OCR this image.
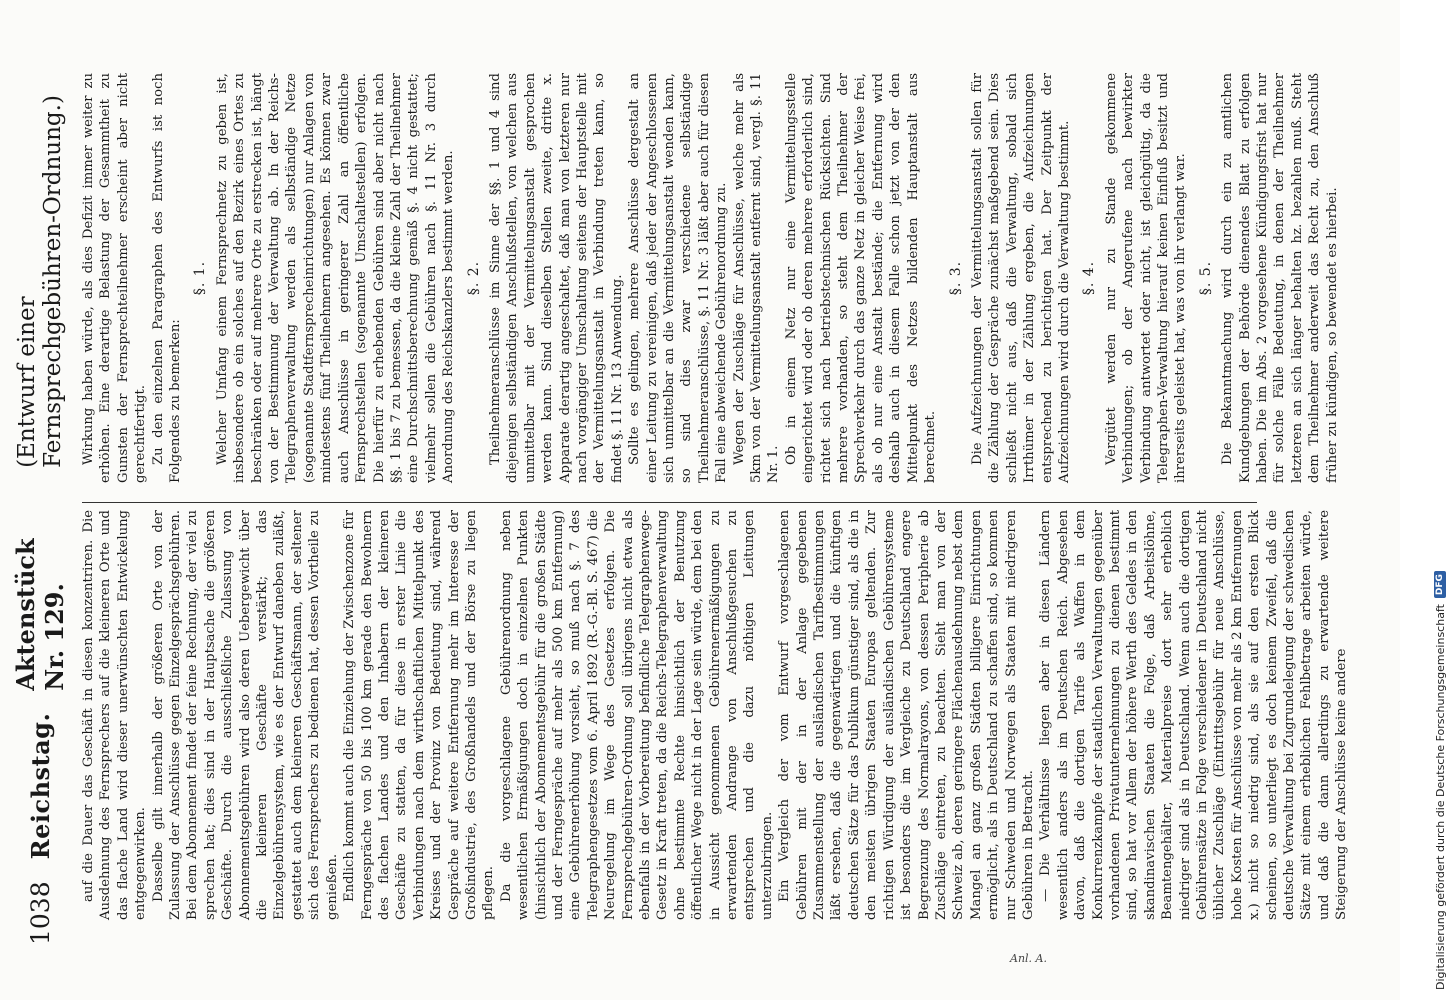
1038
Reichstag.
Aktenstück Nr. 129.
(Entwurf einer Fernsprechgebühren-Ordnung.)

auf die Dauer das Geschäft in diesen konzentriren. Die Ausdehnung des Fernsprechers auf die kleineren Orte und das flache Land wird dieser unerwünschten Entwickelung entgegenwirken. Dasselbe gilt innerhalb der größeren Orte von der Zulassung der Anschlüsse gegen Einzelgesprächsgebühren. Bei dem Abonnement findet der feine Rechnung, der viel zu sprechen hat; dies sind in der Hauptsache die größeren Geschäfte. Durch die ausschließliche Zulassung von Abonnementsgebühren wird also deren Uebergewicht über die kleineren Geschäfte verstärkt; das Einzelgebührensystem, wie es der Entwurf daneben zuläßt, gestattet auch dem kleineren Geschäftsmann, der seltener sich des Fernsprechers zu bedienen hat, dessen Vortheile zu genießen. Endlich kommt auch die Einziehung der Zwischenzone für Ferngespräche von 50 bis 100 km gerade den Bewohnern des flachen Landes und den Inhabern der kleineren Geschäfte zu statten, da für diese in erster Linie die Verbindungen nach dem wirthschaftlichen Mittelpunkt des Kreises und der Provinz von Bedeutung sind, während Gespräche auf weitere Entfernung mehr im Interesse der Großindustrie, des Großhandels und der Börse zu liegen pflegen. Da die vorgeschlagene Gebührenordnung neben wesentlichen Ermäßigungen doch in einzelnen Punkten (hinsichtlich der Abonnementsgebühr für die großen Städte und der Ferngespräche auf mehr als 500 km Entfernung) eine Gebührenerhöhung vorsieht, so muß nach §. 7 des Telegraphengesetzes vom 6. April 1892 (R.-G.-Bl. S. 467) die Neuregelung im Wege des Gesetzes erfolgen. Die Fernsprechgebühren-Ordnung soll übrigens nicht etwa als ebenfalls in der Vorbereitung befindliche Telegraphenwege-Gesetz in Kraft treten, da die Reichs-Telegraphenverwaltung ohne bestimmte Rechte hinsichtlich der Benutzung öffentlicher Wege nicht in der Lage sein würde, dem bei den in Aussicht genommenen Gebührenermäßigungen zu erwartenden Andrange von Anschlußgesuchen zu entsprechen und die dazu nöthigen Leitungen unterzubringen. Ein Vergleich der vom Entwurf vorgeschlagenen Gebühren mit der in der Anlage gegebenen Zusammenstellung der ausländischen Tarifbestimmungen läßt ersehen, daß die gegenwärtigen und die künftigen deutschen Sätze für das Publikum günstiger sind, als die in den meisten übrigen Staaten Europas geltenden. Zur richtigen Würdigung der ausländischen Gebührensysteme ist besonders die im Vergleiche zu Deutschland engere Begrenzung des Normalrayons, von dessen Peripherie ab Zuschläge eintreten, zu beachten. Sieht man von der Schweiz ab, deren geringere Flächenausdehnung nebst dem Mangel an ganz großen Städten billigere Einrichtungen ermöglicht, als in Deutschland zu schaffen sind, so kommen nur Schweden und Norwegen als Staaten mit niedrigeren Gebühren in Betracht. — Die Verhältnisse liegen aber in diesen Ländern wesentlich anders als im Deutschen Reich. Abgesehen davon, daß die dortigen Tarife als Waffen in dem Konkurrenzkampfe der staatlichen Verwaltungen gegenüber vorhandenen Privatunternehmungen zu dienen bestimmt sind, so hat vor Allem der höhere Werth des Geldes in den skandinavischen Staaten die Folge, daß Arbeitslöhne, Beamtengehälter, Materialpreise dort sehr erheblich niedriger sind als in Deutschland. Wenn auch die dortigen Gebührensätze in Folge verschiedener in Deutschland nicht üblicher Zuschläge (Eintrittsgebühr für neue Anschlüsse, hohe Kosten für Anschlüsse von mehr als 2 km Entfernungen x.) nicht so niedrig sind, als sie auf den ersten Blick scheinen, so unterliegt es doch keinem Zweifel, daß die deutsche Verwaltung bei Zugrundelegung der schwedischen Sätze mit einem erheblichen Fehlbetrage arbeiten würde, und daß die dann allerdings zu erwartende weitere Steigerung der Anschlüsse keine andere

Wirkung haben würde, als dies Defizit immer weiter zu erhöhen. Eine derartige Belastung der Gesammtheit zu Gunsten der Fernsprechteilnehmer erscheint aber nicht gerechtfertigt. Zu den einzelnen Paragraphen des Entwurfs ist noch Folgendes zu bemerken:

§. 1. Welcher Umfang einem Fernsprechnetz zu geben ist, insbesondere ob ein solches auf den Bezirk eines Ortes zu beschränken oder auf mehrere Orte zu erstrecken ist, hängt von der Bestimmung der Verwaltung ab. In der Reichs-Telegraphenverwaltung werden als selbständige Netze (sogenannte Stadtfernsprecheinrichtungen) nur Anlagen von mindestens fünf Theilnehmern angesehen. Es können zwar auch Anschlüsse in geringerer Zahl an öffentliche Fernsprechstellen (sogenannte Umschaltestellen) erfolgen. Die hierfür zu erhebenden Gebühren sind aber nicht nach §§. 1 bis 7 zu bemessen, da die kleine Zahl der Theilnehmer eine Durchschnittsberechnung gemäß §. 4 nicht gestattet; vielmehr sollen die Gebühren nach §. 11 Nr. 3 durch Anordnung des Reichskanzlers bestimmt werden. §. 2. Theilnehmeranschlüsse im Sinne der §§. 1 und 4 sind diejenigen selbständigen Anschlußstellen, von welchen aus unmittelbar mit der Vermittelungsanstalt gesprochen werden kann. Sind dieselben Stellen zweite, dritte x. Apparate derartig angeschaltet, daß man von letzteren nur nach vorgängiger Umschaltung seitens der Hauptstelle mit der Vermittelungsanstalt in Verbindung treten kann, so findet §. 11 Nr. 13 Anwendung. Sollte es gelingen, mehrere Anschlüsse dergestalt an einer Leitung zu vereinigen, daß jeder der Angeschlossenen sich unmittelbar an die Vermittelungsanstalt wenden kann, so sind dies zwar verschiedene selbständige Theilnehmeranschlüsse, §. 11 Nr. 3 läßt aber auch für diesen Fall eine abweichende Gebührenordnung zu. Wegen der Zuschläge für Anschlüsse, welche mehr als 5km von der Vermittelungsanstalt entfernt sind, vergl. §. 11 Nr. 1. Ob in einem Netz nur eine Vermittelungsstelle eingerichtet wird oder ob deren mehrere erforderlich sind, richtet sich nach betriebstechnischen Rücksichten. Sind mehrere vorhanden, so steht dem Theilnehmer der Sprechverkehr durch das ganze Netz in gleicher Weise frei, als ob nur eine Anstalt bestände; die Entfernung wird deshalb auch in diesem Falle schon jetzt von der den Mittelpunkt des Netzes bildenden Hauptanstalt aus berechnet.

§. 3. Die Aufzeichnungen der Vermittelungsanstalt sollen für die Zählung der Gespräche zunächst maßgebend sein. Dies schließt nicht aus, daß die Verwaltung, sobald sich Irrthümer in der Zählung ergeben, die Aufzeichnungen entsprechend zu berichtigen hat. Der Zeitpunkt der Aufzeichnungen wird durch die Verwaltung bestimmt. §. 4. Vergütet werden nur zu Stande gekommene Verbindungen; ob der Angerufene nach bewirkter Verbindung antwortet oder nicht, ist gleichgültig, da die Telegraphen-Verwaltung hierauf keinen Einfluß besitzt und ihrerseits geleistet hat, was von ihr verlangt war. §. 5. Die Bekanntmachung wird durch ein zu amtlichen Kundgebungen der Behörde dienendes Blatt zu erfolgen haben. Die im Abs. 2 vorgesehene Kündigungsfrist hat nur für solche Fälle Bedeutung, in denen der Theilnehmer letzteren an sich länger behalten hz. bezahlen muß. Steht dem Theilnehmer anderweit das Recht zu, den Anschluß früher zu kündigen, so bewendet es hierbei.

Anl. A.	Digitalisierung gefördert durch die Deutsche Forschungsgemeinschaft
DFG
